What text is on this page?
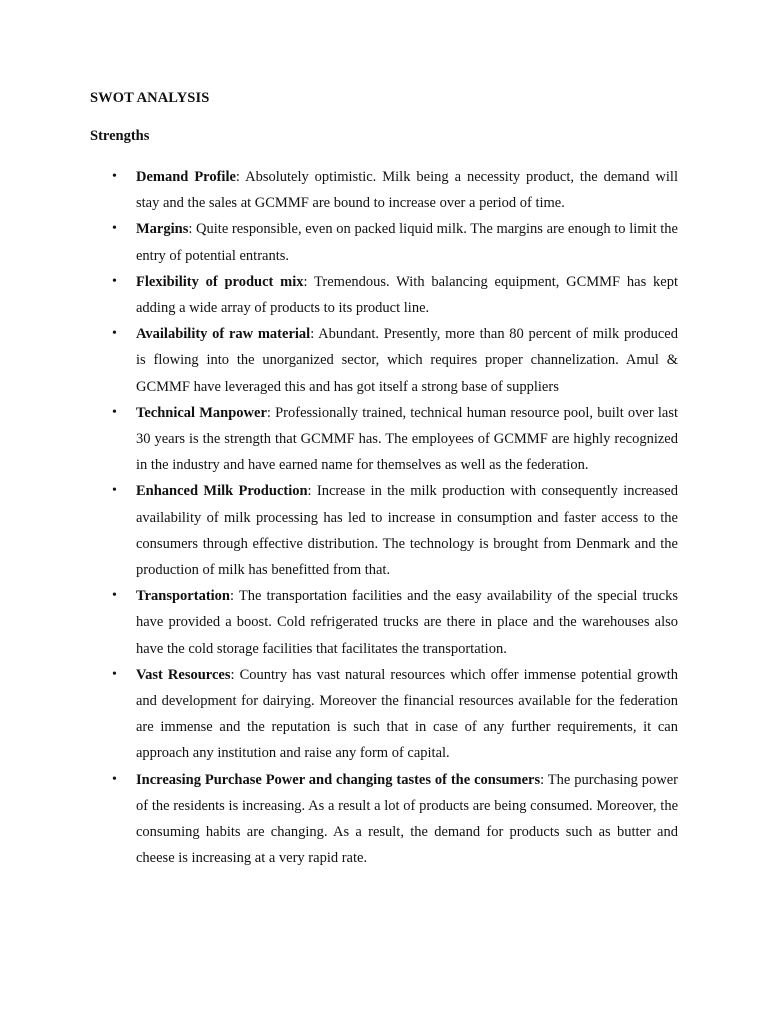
SWOT ANALYSIS
Strengths
• Demand Profile: Absolutely optimistic. Milk being a necessity product, the demand will stay and the sales at GCMMF are bound to increase over a period of time.
• Margins: Quite responsible, even on packed liquid milk. The margins are enough to limit the entry of potential entrants.
• Flexibility of product mix: Tremendous. With balancing equipment, GCMMF has kept adding a wide array of products to its product line.
• Availability of raw material: Abundant. Presently, more than 80 percent of milk produced is flowing into the unorganized sector, which requires proper channelization. Amul & GCMMF have leveraged this and has got itself a strong base of suppliers
• Technical Manpower: Professionally trained, technical human resource pool, built over last 30 years is the strength that GCMMF has. The employees of GCMMF are highly recognized in the industry and have earned name for themselves as well as the federation.
• Enhanced Milk Production: Increase in the milk production with consequently increased availability of milk processing has led to increase in consumption and faster access to the consumers through effective distribution. The technology is brought from Denmark and the production of milk has benefitted from that.
• Transportation: The transportation facilities and the easy availability of the special trucks have provided a boost. Cold refrigerated trucks are there in place and the warehouses also have the cold storage facilities that facilitates the transportation.
• Vast Resources: Country has vast natural resources which offer immense potential growth and development for dairying. Moreover the financial resources available for the federation are immense and the reputation is such that in case of any further requirements, it can approach any institution and raise any form of capital.
• Increasing Purchase Power and changing tastes of the consumers: The purchasing power of the residents is increasing. As a result a lot of products are being consumed. Moreover, the consuming habits are changing. As a result, the demand for products such as butter and cheese is increasing at a very rapid rate.
